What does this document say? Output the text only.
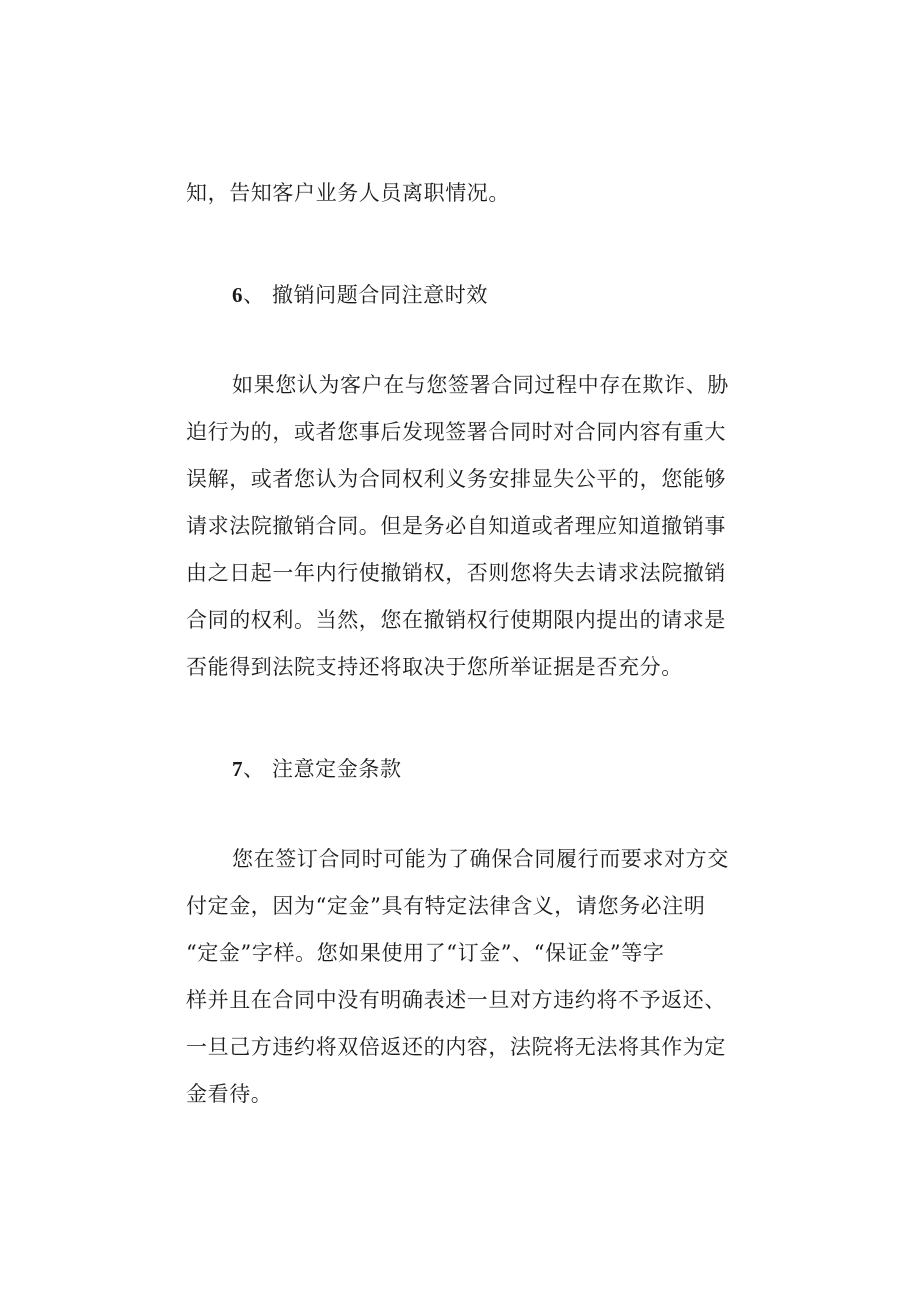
知，告知客户业务人员离职情况。
6、 撤销问题合同注意时效
如果您认为客户在与您签署合同过程中存在欺诈、胁
迫行为的，或者您事后发现签署合同时对合同内容有重大
误解，或者您认为合同权利义务安排显失公平的，您能够
请求法院撤销合同。但是务必自知道或者理应知道撤销事
由之日起一年内行使撤销权，否则您将失去请求法院撤销
合同的权利。当然，您在撤销权行使期限内提出的请求是
否能得到法院支持还将取决于您所举证据是否充分。
7、 注意定金条款
您在签订合同时可能为了确保合同履行而要求对方交
付定金，因为“定金”具有特定法律含义，请您务必注明
“定金”字样。您如果使用了“订金”、“保证金”等字
样并且在合同中没有明确表述一旦对方违约将不予返还、
一旦己方违约将双倍返还的内容，法院将无法将其作为定
金看待。
